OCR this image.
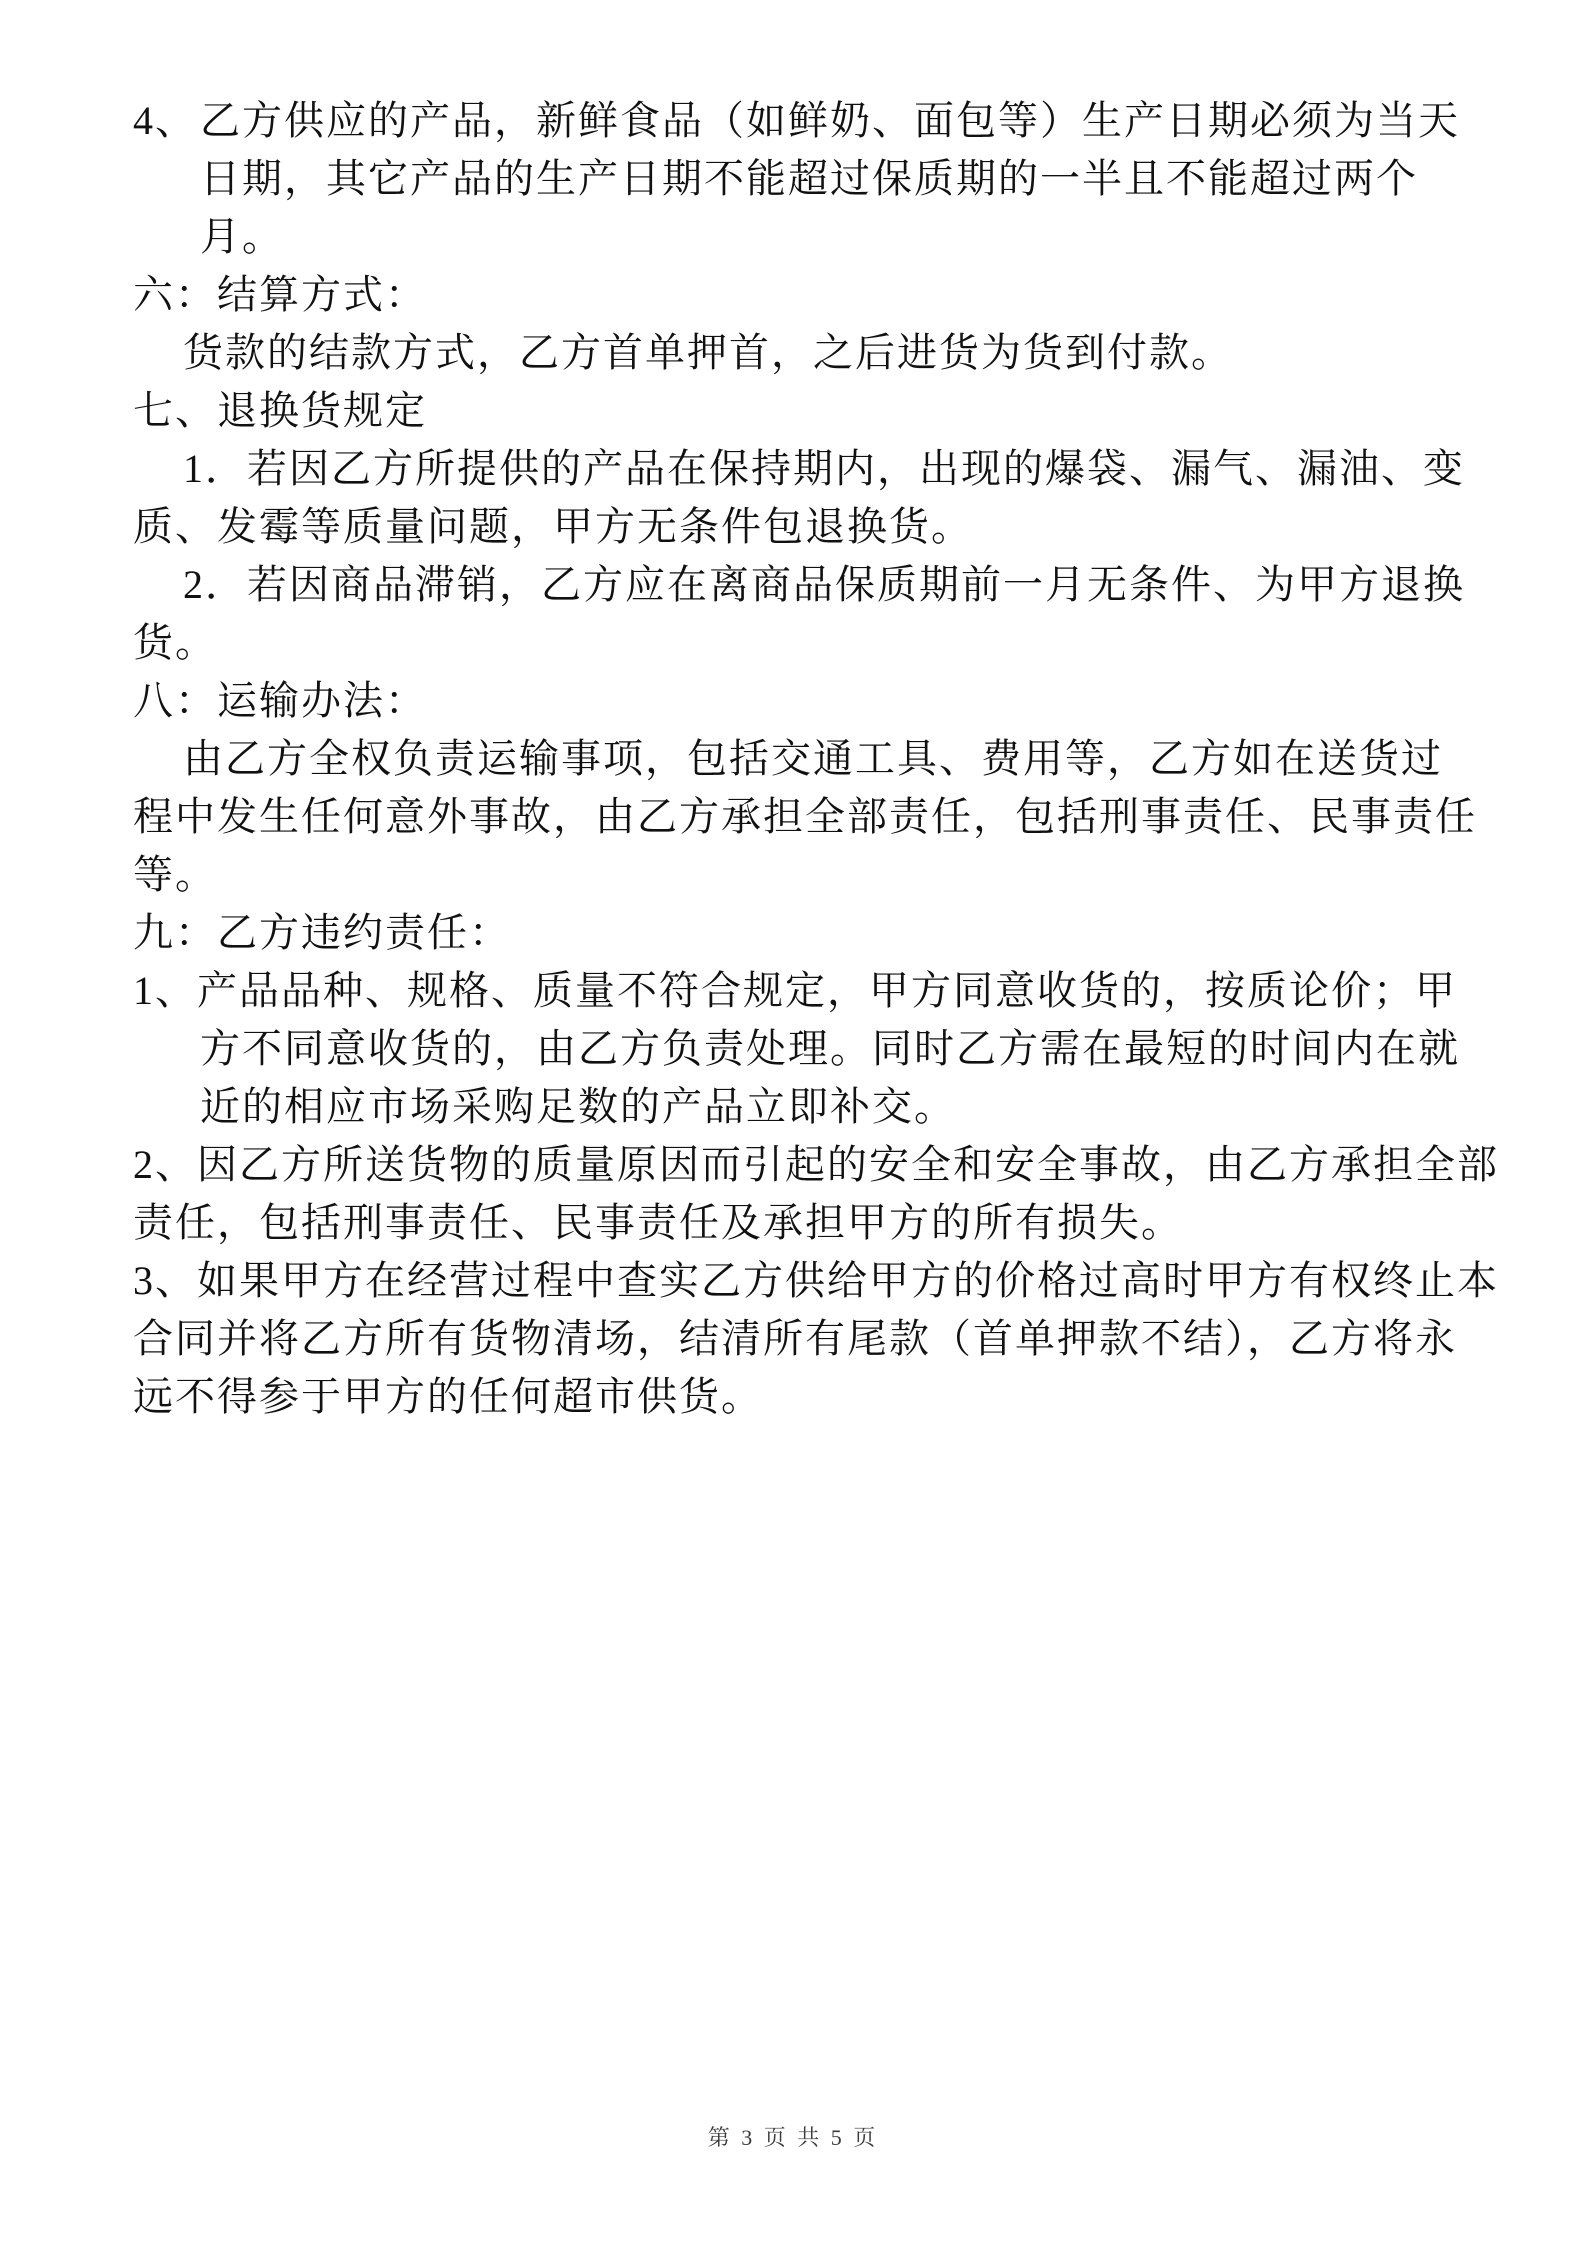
4、乙方供应的产品，新鲜食品（如鲜奶、面包等）生产日期必须为当天
日期，其它产品的生产日期不能超过保质期的一半且不能超过两个
月。
六：结算方式：
货款的结款方式，乙方首单押首，之后进货为货到付款。
七、退换货规定
1．若因乙方所提供的产品在保持期内，出现的爆袋、漏气、漏油、变
质、发霉等质量问题，甲方无条件包退换货。
2．若因商品滞销，乙方应在离商品保质期前一月无条件、为甲方退换
货。
八：运输办法：
由乙方全权负责运输事项，包括交通工具、费用等，乙方如在送货过
程中发生任何意外事故，由乙方承担全部责任，包括刑事责任、民事责任
等。
九：乙方违约责任：
1、产品品种、规格、质量不符合规定，甲方同意收货的，按质论价；甲
方不同意收货的，由乙方负责处理。同时乙方需在最短的时间内在就
近的相应市场采购足数的产品立即补交。
2、因乙方所送货物的质量原因而引起的安全和安全事故，由乙方承担全部
责任，包括刑事责任、民事责任及承担甲方的所有损失。
3、如果甲方在经营过程中查实乙方供给甲方的价格过高时甲方有权终止本
合同并将乙方所有货物清场，结清所有尾款（首单押款不结），乙方将永
远不得参于甲方的任何超市供货。
第 3 页 共 5 页
